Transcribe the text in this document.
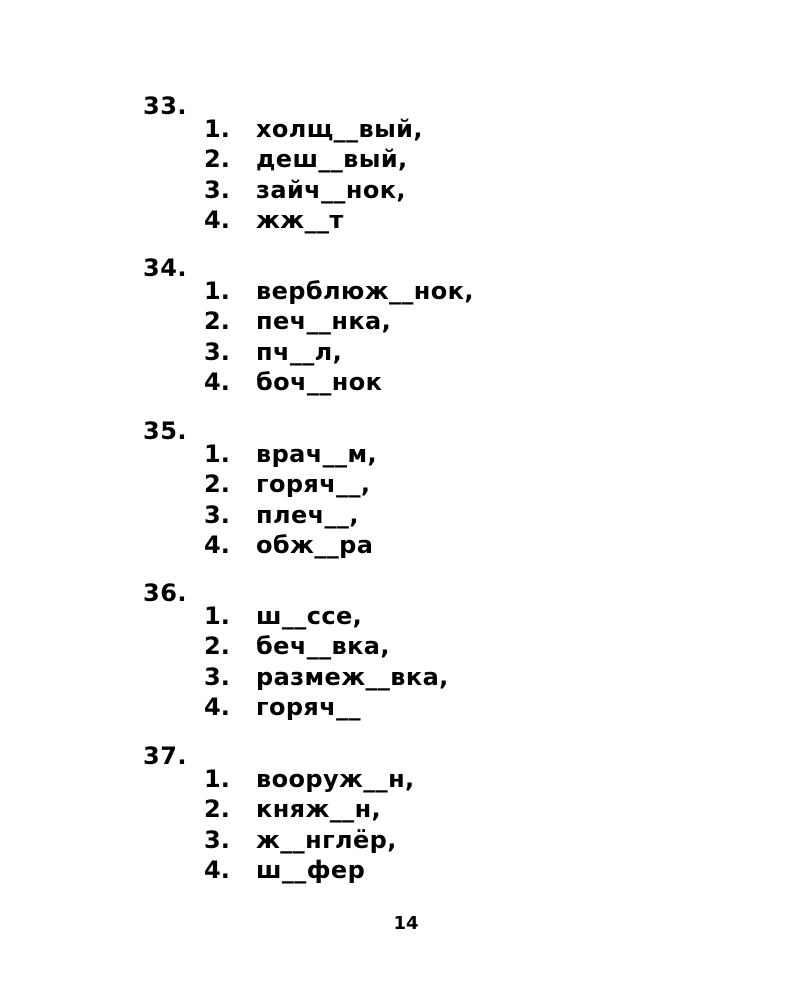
33.

1. холщ__вый,
2. деш__вый,
3. зайч__нок,
4. жж__т

34.

1. верблюж__нок,
2. печ__нка,
3. пч__л,
4. боч__нок

35.

1. врач__м,
2. горяч__,
3. плеч__,
4. обж__ра

36.

1. ш__ссе,
2. беч__вка,
3. размеж__вка,
4. горяч__

37.

1. вооруж__н,
2. княж__н,
3. ж__нглёр,
4. ш__фер

14
